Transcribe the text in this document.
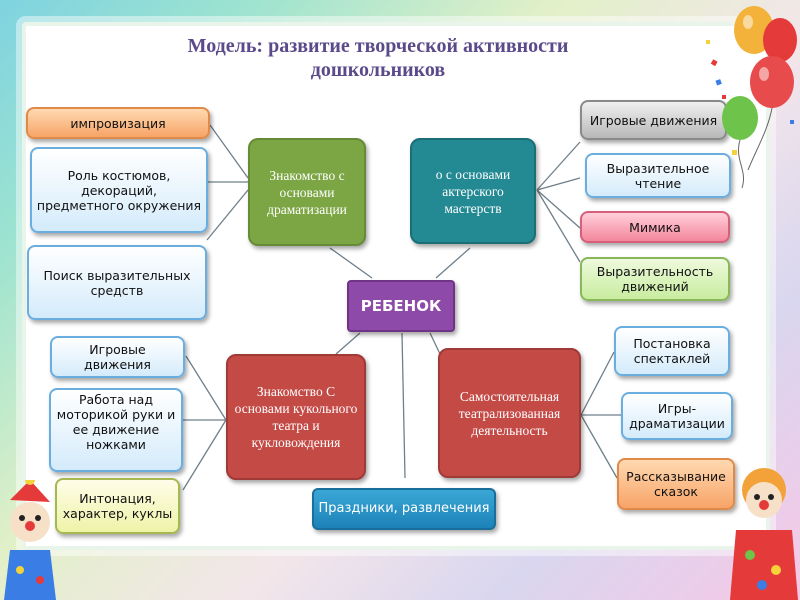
Модель: развитие творческой активности
дошкольников
импровизация
Роль костюмов, декораций, предметного окружения
Поиск выразительных средств
Игровые движения
Выразительное чтение
Мимика
Выразительность движений
Знакомство с основами драматизации
о с основами актерского мастерств
РЕБЕНОК
Знакомство С основами кукольного театра и кукловождения
Самостоятельная театрализованная деятельность
Праздники, развлечения
Игровые движения
Работа над моторикой руки и ее движение ножками
Интонация, характер, куклы
Постановка спектаклей
Игры-драматизации
Рассказывание сказок
